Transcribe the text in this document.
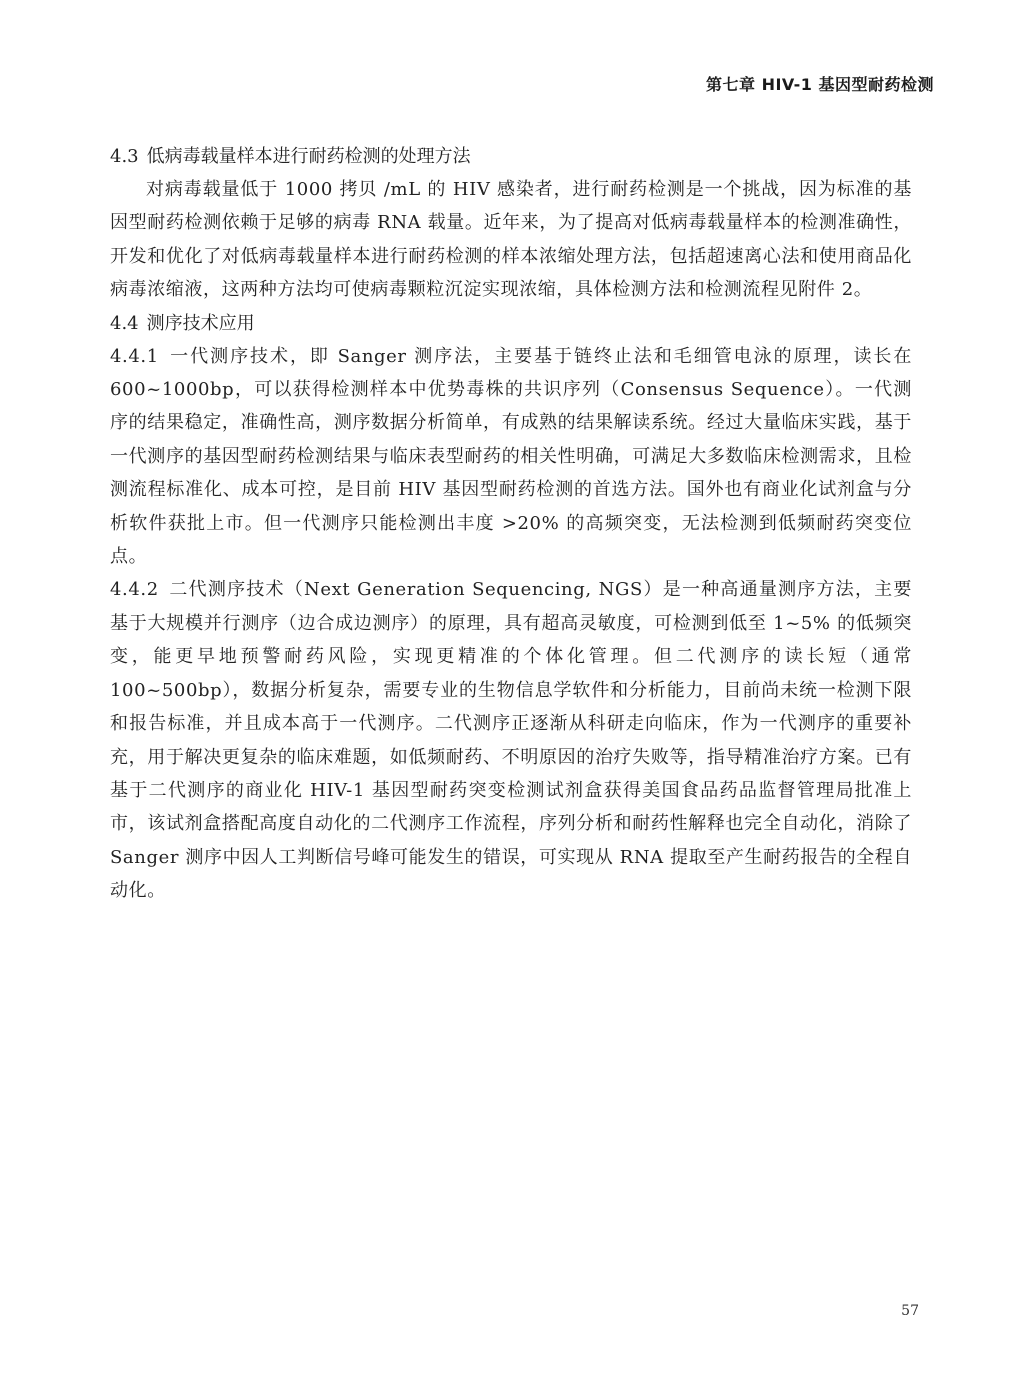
第七章 HIV-1 基因型耐药检测
4.3 低病毒载量样本进行耐药检测的处理方法

对病毒载量低于 1000 拷贝 /mL 的 HIV 感染者，进行耐药检测是一个挑战，因为标准的基因型耐药检测依赖于足够的病毒 RNA 载量。近年来，为了提高对低病毒载量样本的检测准确性，开发和优化了对低病毒载量样本进行耐药检测的样本浓缩处理方法，包括超速离心法和使用商品化病毒浓缩液，这两种方法均可使病毒颗粒沉淀实现浓缩，具体检测方法和检测流程见附件 2。

4.4 测序技术应用

4.4.1 一代测序技术，即 Sanger 测序法，主要基于链终止法和毛细管电泳的原理，读长在 600~1000bp，可以获得检测样本中优势毒株的共识序列（Consensus Sequence）。一代测序的结果稳定，准确性高，测序数据分析简单，有成熟的结果解读系统。经过大量临床实践，基于一代测序的基因型耐药检测结果与临床表型耐药的相关性明确，可满足大多数临床检测需求，且检测流程标准化、成本可控，是目前 HIV 基因型耐药检测的首选方法。国外也有商业化试剂盒与分析软件获批上市。但一代测序只能检测出丰度 >20% 的高频突变，无法检测到低频耐药突变位点。

4.4.2 二代测序技术（Next Generation Sequencing, NGS）是一种高通量测序方法，主要基于大规模并行测序（边合成边测序）的原理，具有超高灵敏度，可检测到低至 1~5% 的低频突变，能更早地预警耐药风险，实现更精准的个体化管理。但二代测序的读长短（通常 100~500bp），数据分析复杂，需要专业的生物信息学软件和分析能力，目前尚未统一检测下限和报告标准，并且成本高于一代测序。二代测序正逐渐从科研走向临床，作为一代测序的重要补充，用于解决更复杂的临床难题，如低频耐药、不明原因的治疗失败等，指导精准治疗方案。已有基于二代测序的商业化 HIV-1 基因型耐药突变检测试剂盒获得美国食品药品监督管理局批准上市，该试剂盒搭配高度自动化的二代测序工作流程，序列分析和耐药性解释也完全自动化，消除了 Sanger 测序中因人工判断信号峰可能发生的错误，可实现从 RNA 提取至产生耐药报告的全程自动化。

57
